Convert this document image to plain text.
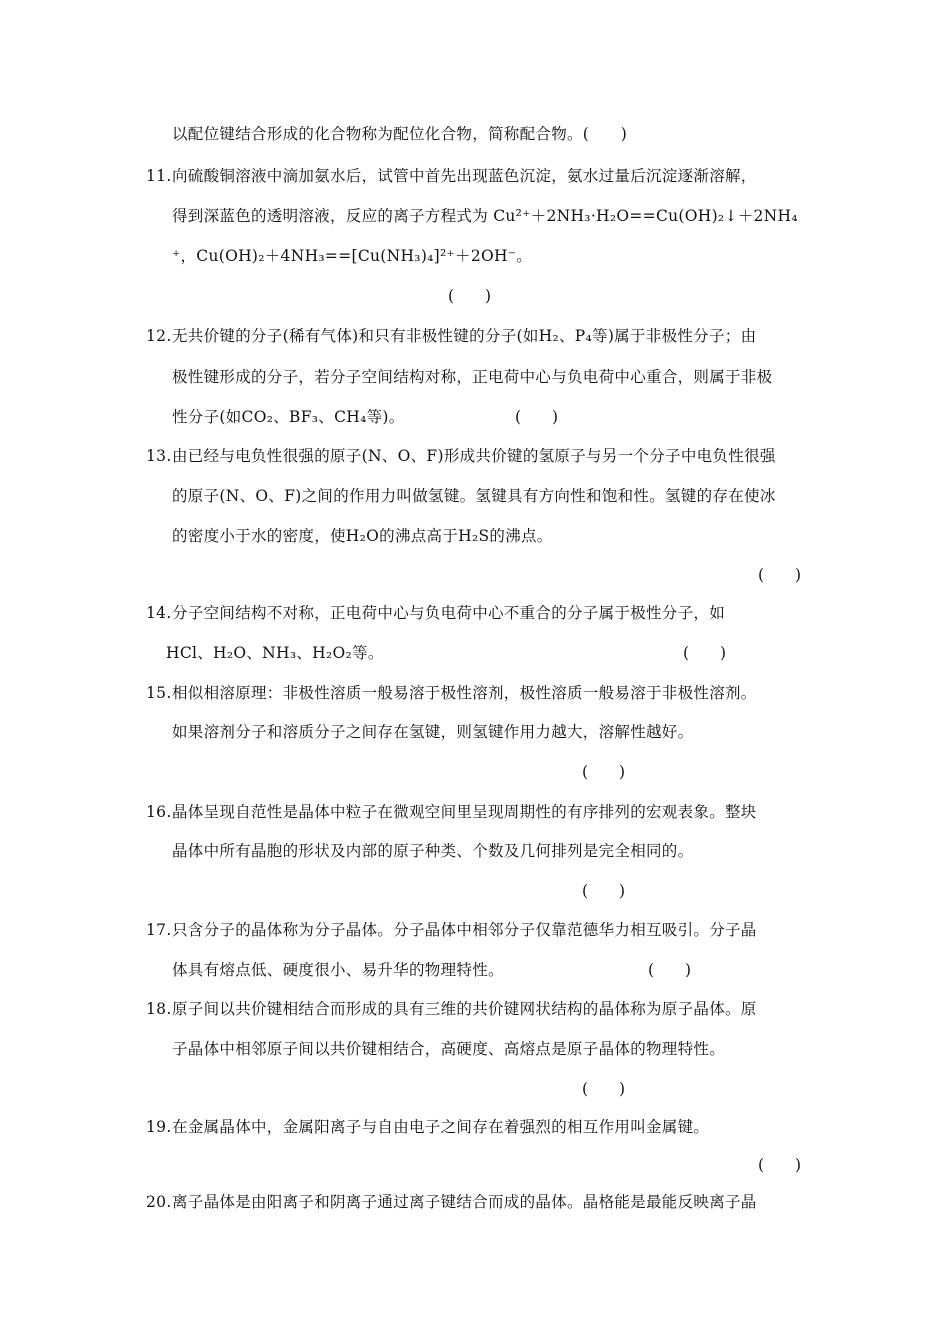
以配位键结合形成的化合物称为配位化合物，简称配合物。(　　)
11. 向硫酸铜溶液中滴加氨水后，试管中首先出现蓝色沉淀，氨水过量后沉淀逐渐溶解，
得到深蓝色的透明溶液，反应的离子方程式为 Cu²⁺＋2NH₃·H₂O==Cu(OH)₂↓＋2NH₄
⁺，Cu(OH)₂＋4NH₃==[Cu(NH₃)₄]²⁺＋2OH⁻。
(　　)
12. 无共价键的分子(稀有气体)和只有非极性键的分子(如H₂、P₄等)属于非极性分子；由
极性键形成的分子，若分子空间结构对称，正电荷中心与负电荷中心重合，则属于非极
性分子(如CO₂、BF₃、CH₄等)。	(　　)
13. 由已经与电负性很强的原子(N、O、F)形成共价键的氢原子与另一个分子中电负性很强
的原子(N、O、F)之间的作用力叫做氢键。氢键具有方向性和饱和性。氢键的存在使冰
的密度小于水的密度，使H₂O的沸点高于H₂S的沸点。
(　　)
14. 分子空间结构不对称，正电荷中心与负电荷中心不重合的分子属于极性分子，如
HCl、H₂O、NH₃、H₂O₂等。	(　　)
15. 相似相溶原理：非极性溶质一般易溶于极性溶剂，极性溶质一般易溶于非极性溶剂。
如果溶剂分子和溶质分子之间存在氢键，则氢键作用力越大，溶解性越好。
(　　)
16. 晶体呈现自范性是晶体中粒子在微观空间里呈现周期性的有序排列的宏观表象。整块
晶体中所有晶胞的形状及内部的原子种类、个数及几何排列是完全相同的。
(　　)
17. 只含分子的晶体称为分子晶体。分子晶体中相邻分子仅靠范德华力相互吸引。分子晶
体具有熔点低、硬度很小、易升华的物理特性。	(　　)
18. 原子间以共价键相结合而形成的具有三维的共价键网状结构的晶体称为原子晶体。原
子晶体中相邻原子间以共价键相结合，高硬度、高熔点是原子晶体的物理特性。
(　　)
19. 在金属晶体中，金属阳离子与自由电子之间存在着强烈的相互作用叫金属键。
(　　)
20. 离子晶体是由阳离子和阴离子通过离子键结合而成的晶体。晶格能是最能反映离子晶
